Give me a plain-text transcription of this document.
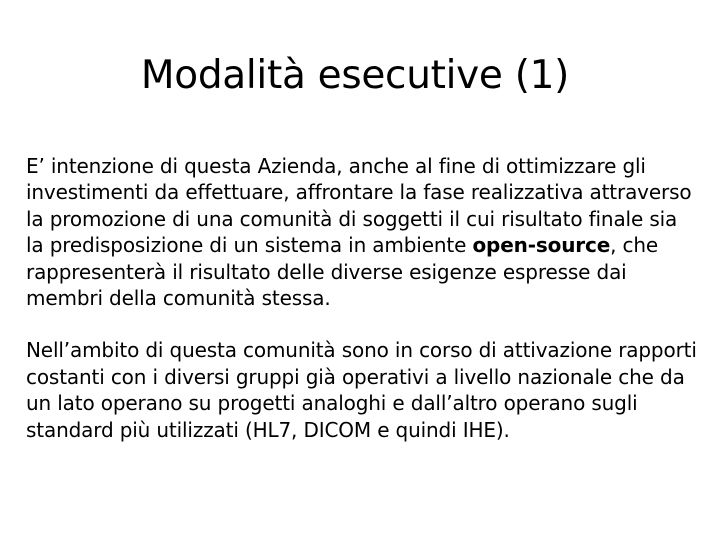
Modalità esecutive (1)

E’ intenzione di questa Azienda, anche al fine di ottimizzare gli investimenti da effettuare, affrontare la fase realizzativa attraverso la promozione di una comunità di soggetti il cui risultato finale sia la predisposizione di un sistema in ambiente open-source, che rappresenterà il risultato delle diverse esigenze espresse dai membri della comunità stessa.

Nell’ambito di questa comunità sono in corso di attivazione rapporti costanti con i diversi gruppi già operativi a livello nazionale che da un lato operano su progetti analoghi e dall’altro operano sugli standard più utilizzati (HL7, DICOM e quindi IHE).
